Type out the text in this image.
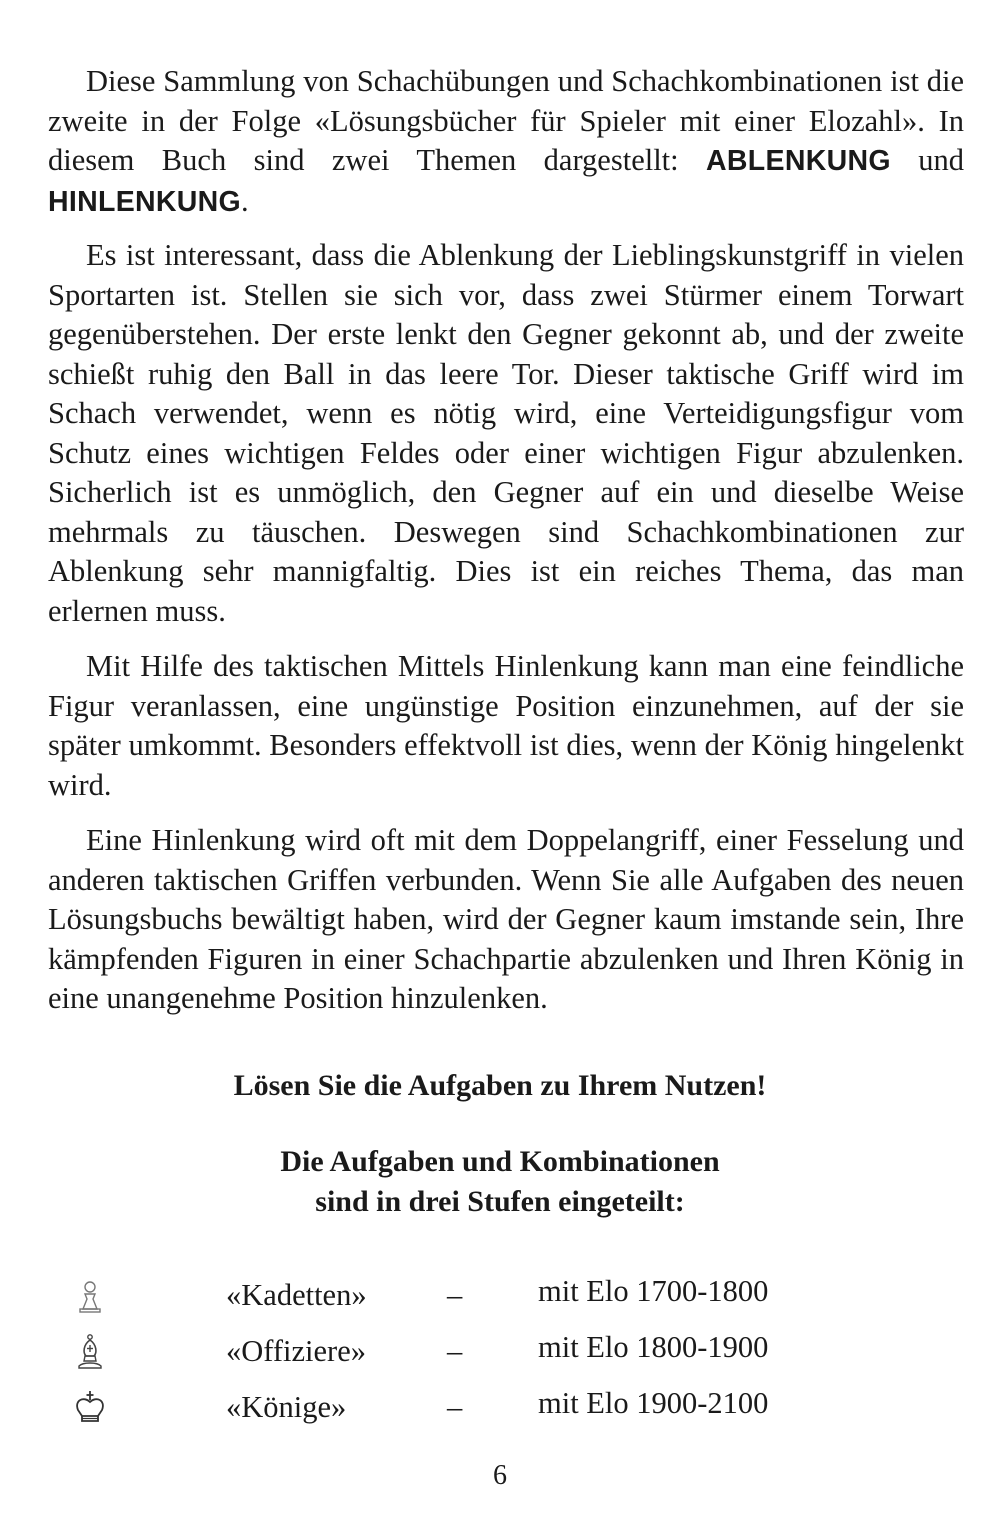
Diese Sammlung von Schachübungen und Schachkombinationen ist die zweite in der Folge «Lösungsbücher für Spieler mit einer Elozahl». In diesem Buch sind zwei Themen dargestellt: ABLENKUNG und HINLENKUNG.

Es ist interessant, dass die Ablenkung der Lieblingskunstgriff in vielen Sportarten ist. Stellen sie sich vor, dass zwei Stürmer einem Torwart gegenüberstehen. Der erste lenkt den Gegner gekonnt ab, und der zweite schießt ruhig den Ball in das leere Tor. Dieser taktische Griff wird im Schach verwendet, wenn es nötig wird, eine Verteidigungsfigur vom Schutz eines wichtigen Feldes oder einer wichtigen Figur abzulenken. Sicherlich ist es unmöglich, den Gegner auf ein und dieselbe Weise mehrmals zu täuschen. Deswegen sind Schachkombinationen zur Ablenkung sehr mannigfaltig. Dies ist ein reiches Thema, das man erlernen muss.

Mit Hilfe des taktischen Mittels Hinlenkung kann man eine feindliche Figur veranlassen, eine ungünstige Position einzunehmen, auf der sie später umkommt. Besonders effektvoll ist dies, wenn der König hingelenkt wird.

Eine Hinlenkung wird oft mit dem Doppelangriff, einer Fesselung und anderen taktischen Griffen verbunden. Wenn Sie alle Aufgaben des neuen Lösungsbuchs bewältigt haben, wird der Gegner kaum imstande sein, Ihre kämpfenden Figuren in einer Schachpartie abzulenken und Ihren König in eine unangenehme Position hinzulenken.

Lösen Sie die Aufgaben zu Ihrem Nutzen!
Die Aufgaben und Kombinationen
sind in drei Stufen eingeteilt:
«Kadetten»	– mit Elo 1700-1800
«Offiziere»	– mit Elo 1800-1900
«Könige»	– mit Elo 1900-2100
6
